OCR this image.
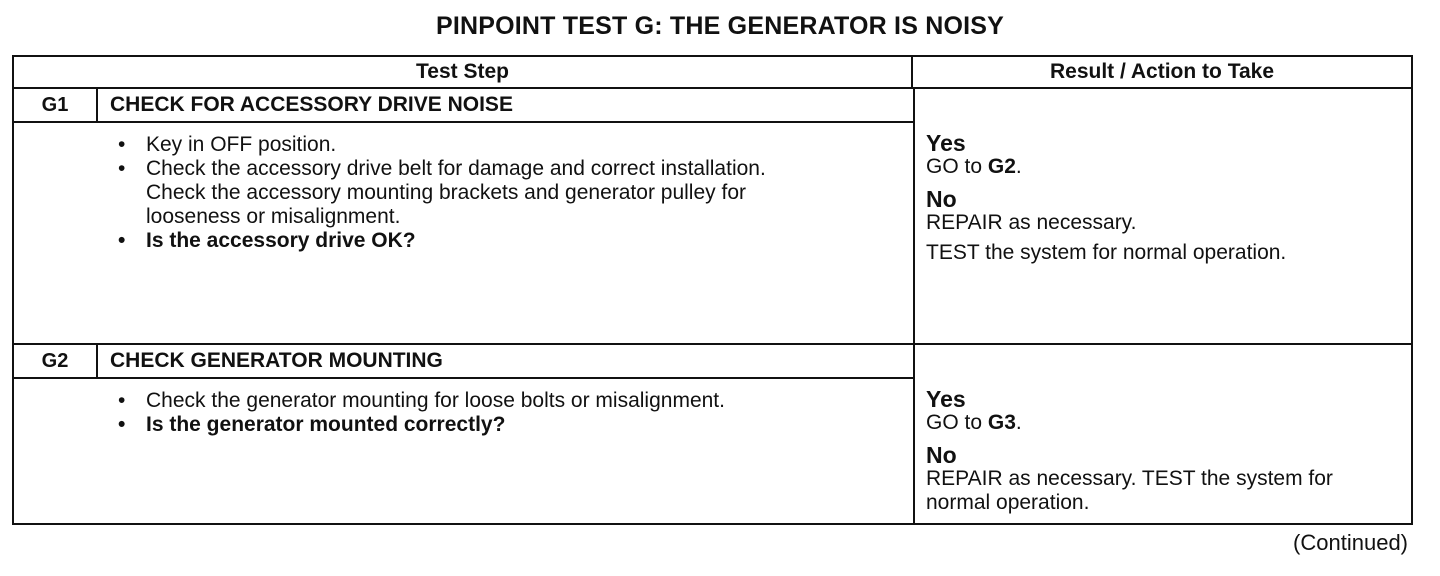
PINPOINT TEST G: THE GENERATOR IS NOISY
Test Step	Result / Action to Take
G1	CHECK FOR ACCESSORY DRIVE NOISE
• Key in OFF position.
• Check the accessory drive belt for damage and correct installation. Check the accessory mounting brackets and generator pulley for looseness or misalignment.
• Is the accessory drive OK?
Yes
GO to G2.
No
REPAIR as necessary.
TEST the system for normal operation.
G2	CHECK GENERATOR MOUNTING
• Check the generator mounting for loose bolts or misalignment.
• Is the generator mounted correctly?
Yes
GO to G3.
No
REPAIR as necessary. TEST the system for normal operation.
(Continued)
